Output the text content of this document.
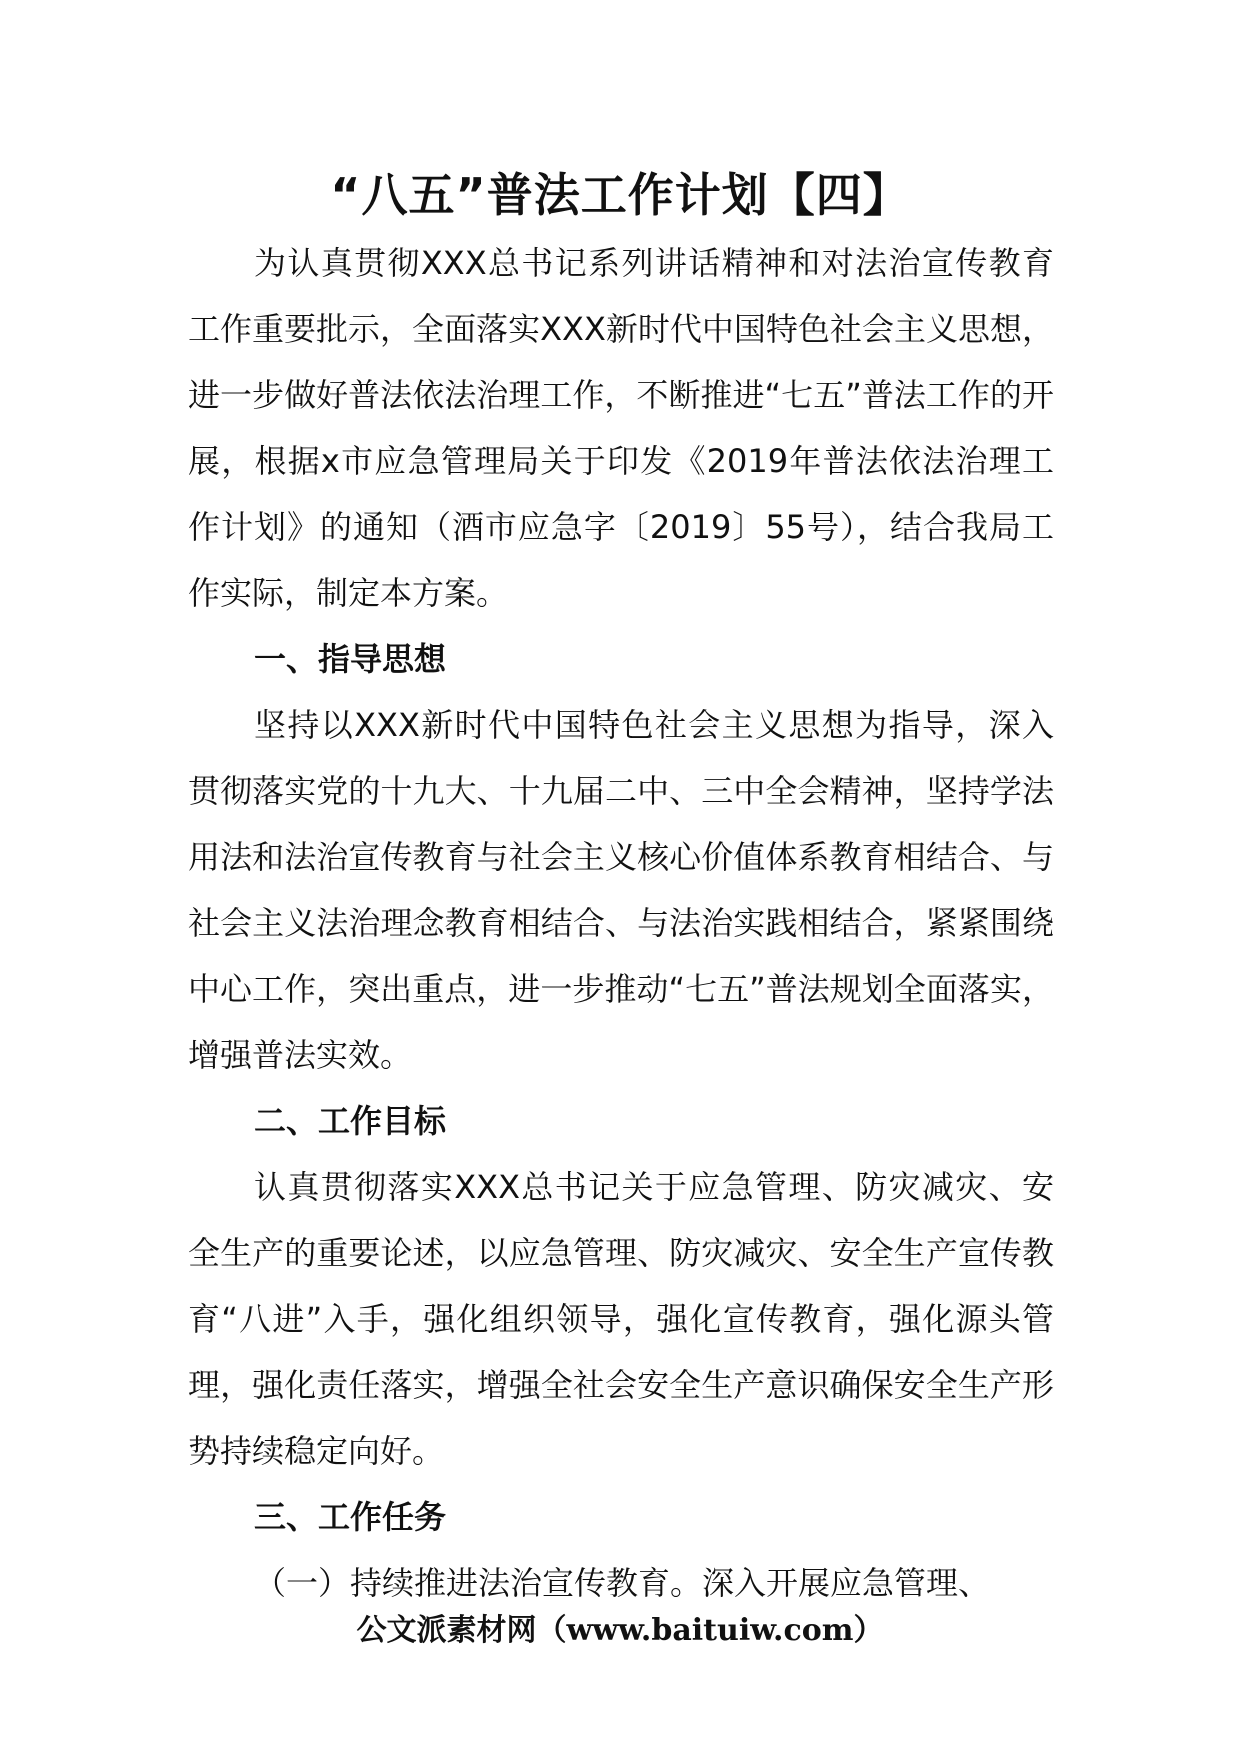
“八五”普法工作计划【四】

为认真贯彻XXX总书记系列讲话精神和对法治宣传教育工作重要批示，全面落实XXX新时代中国特色社会主义思想，进一步做好普法依法治理工作，不断推进“七五”普法工作的开展，根据x市应急管理局关于印发《2019年普法依法治理工作计划》的通知（酒市应急字〔2019〕55号），结合我局工作实际，制定本方案。

一、指导思想

坚持以XXX新时代中国特色社会主义思想为指导，深入贯彻落实党的十九大、十九届二中、三中全会精神，坚持学法用法和法治宣传教育与社会主义核心价值体系教育相结合、与社会主义法治理念教育相结合、与法治实践相结合，紧紧围绕中心工作，突出重点，进一步推动“七五”普法规划全面落实，增强普法实效。

二、工作目标

认真贯彻落实XXX总书记关于应急管理、防灾减灾、安全生产的重要论述，以应急管理、防灾减灾、安全生产宣传教育“八进”入手，强化组织领导，强化宣传教育，强化源头管理，强化责任落实，增强全社会安全生产意识确保安全生产形势持续稳定向好。

三、工作任务

（一）持续推进法治宣传教育。深入开展应急管理、

公文派素材网（www.baituiw.com）
